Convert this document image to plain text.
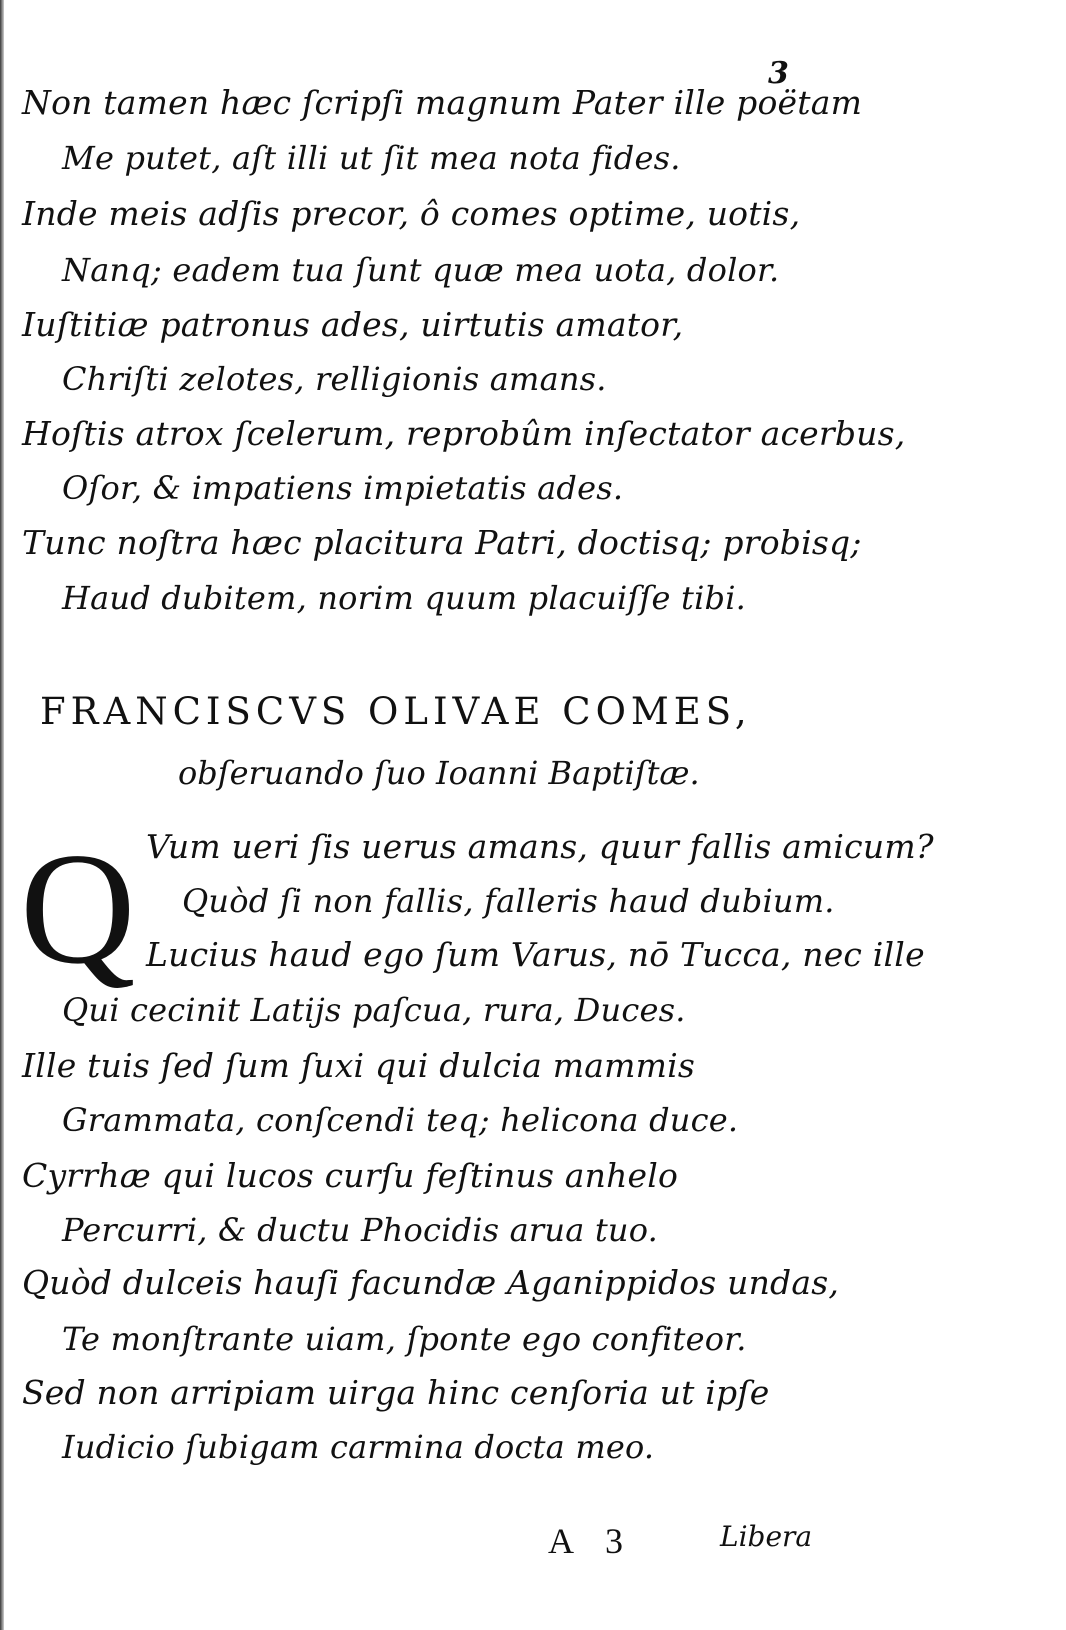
3
Non tamen hæc ſcripſi magnum Pater ille poëtam
Me putet, aſt illi ut ſit mea nota fides.
Inde meis adſis precor, ô comes optime, uotis,
Nanq; eadem tua ſunt quæ mea uota, dolor.
Iuſtitiæ patronus ades, uirtutis amator,
Chriſti zelotes, relligionis amans.
Hoſtis atrox ſcelerum, reprobûm inſectator acerbus,
Oſor, & impatiens impietatis ades.
Tunc noſtra hæc placitura Patri, doctisq; probisq;
Haud dubitem, norim quum placuiſſe tibi.
FRANCISCVS OLIVAE COMES,
obſeruando ſuo Ioanni Baptiſtæ.
Q Vum ueri ſis uerus amans, quur fallis amicum?
Quòd ſi non fallis, falleris haud dubium.
Lucius haud ego ſum Varus, nō Tucca, nec ille
Qui cecinit Latijs paſcua, rura, Duces.
Ille tuis ſed ſum ſuxi qui dulcia mammis
Grammata, conſcendi teq; helicona duce.
Cyrrhæ qui lucos curſu feſtinus anhelo
Percurri, & ductu Phocidis arua tuo.
Quòd dulceis hauſi facundæ Aganippidos undas,
Te monſtrante uiam, ſponte ego confiteor.
Sed non arripiam uirga hinc cenſoria ut ipſe
Iudicio ſubigam carmina docta meo.
A 3	Libera
